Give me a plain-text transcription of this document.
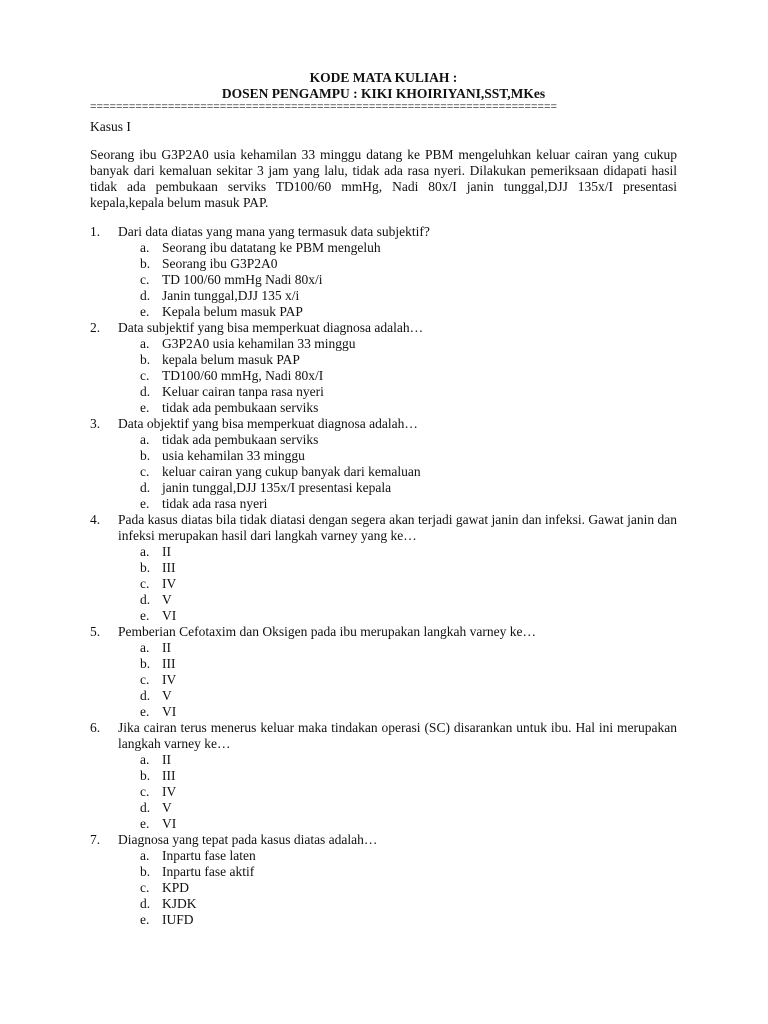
KODE MATA KULIAH :
DOSEN PENGAMPU : KIKI KHOIRIYANI,SST,MKes
========================================================================
Kasus I
Seorang ibu G3P2A0 usia kehamilan 33 minggu datang ke PBM mengeluhkan keluar cairan yang cukup banyak dari kemaluan sekitar 3 jam yang lalu, tidak ada rasa nyeri. Dilakukan pemeriksaan didapati hasil tidak ada pembukaan serviks TD100/60 mmHg, Nadi 80x/I janin tunggal,DJJ 135x/I presentasi kepala,kepala belum masuk PAP.
1. Dari data diatas yang mana yang termasuk data subjektif?
a. Seorang ibu datatang ke PBM mengeluh
b. Seorang ibu G3P2A0
c. TD 100/60 mmHg Nadi 80x/i
d. Janin tunggal,DJJ 135 x/i
e. Kepala belum masuk PAP
2. Data subjektif yang bisa memperkuat diagnosa adalah…
a. G3P2A0 usia kehamilan 33 minggu
b. kepala belum masuk PAP
c. TD100/60 mmHg, Nadi 80x/I
d. Keluar cairan tanpa rasa nyeri
e. tidak ada pembukaan serviks
3. Data objektif yang bisa memperkuat diagnosa adalah…
a. tidak ada pembukaan serviks
b. usia kehamilan 33 minggu
c. keluar cairan yang cukup banyak dari kemaluan
d. janin tunggal,DJJ 135x/I presentasi kepala
e. tidak ada rasa nyeri
4. Pada kasus diatas bila tidak diatasi dengan segera akan terjadi gawat janin dan infeksi. Gawat janin dan infeksi merupakan hasil dari langkah varney yang ke…
a. II
b. III
c. IV
d. V
e. VI
5. Pemberian Cefotaxim dan Oksigen pada ibu merupakan langkah varney ke…
a. II
b. III
c. IV
d. V
e. VI
6. Jika cairan terus menerus keluar maka tindakan operasi (SC) disarankan untuk ibu. Hal ini merupakan langkah varney ke…
a. II
b. III
c. IV
d. V
e. VI
7. Diagnosa yang tepat pada kasus diatas adalah…
a. Inpartu fase laten
b. Inpartu fase aktif
c. KPD
d. KJDK
e. IUFD
